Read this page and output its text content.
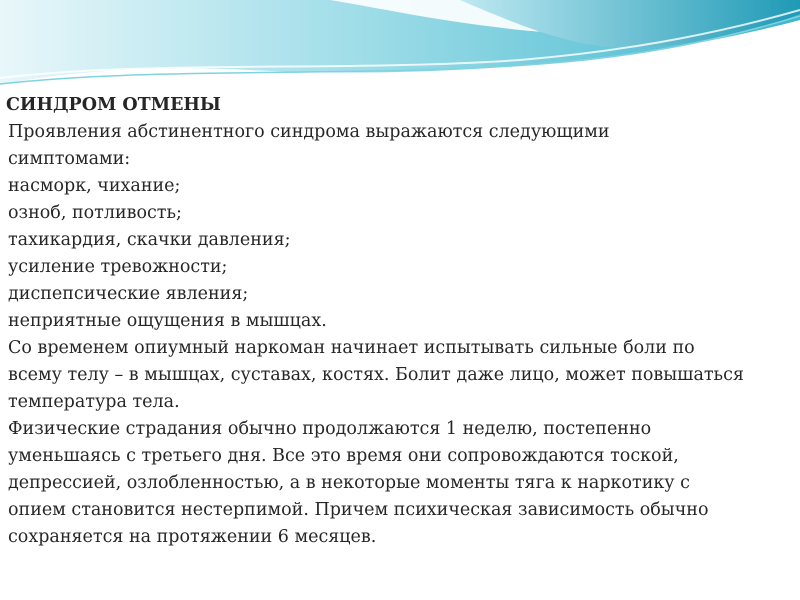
СИНДРОМ ОТМЕНЫ
Проявления абстинентного синдрома выражаются следующими
симптомами:
насморк, чихание;
озноб, потливость;
тахикардия, скачки давления;
усиление тревожности;
диспепсические явления;
неприятные ощущения в мышцах.
Со временем опиумный наркоман начинает испытывать сильные боли по
всему телу – в мышцах, суставах, костях. Болит даже лицо, может повышаться
температура тела.
Физические страдания обычно продолжаются 1 неделю, постепенно
уменьшаясь с третьего дня. Все это время они сопровождаются тоской,
депрессией, озлобленностью, а в некоторые моменты тяга к наркотику с
опием становится нестерпимой. Причем психическая зависимость обычно
сохраняется на протяжении 6 месяцев.
